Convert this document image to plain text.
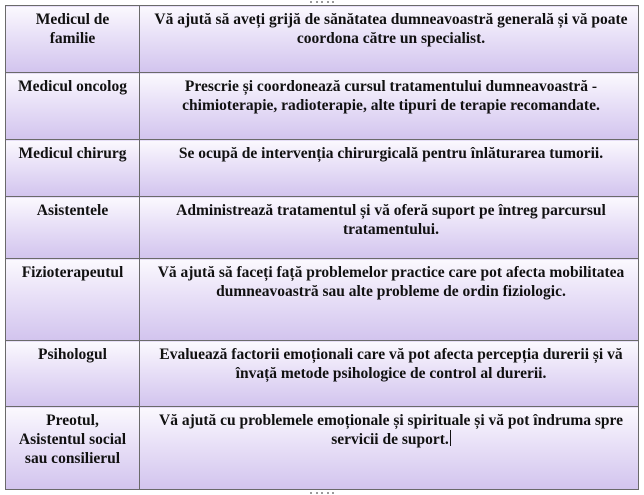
Medicul de familie	Vă ajută să aveți grijă de sănătatea dumneavoastră generală și vă poate coordona către un specialist.
Medicul oncolog	Prescrie și coordonează cursul tratamentului dumneavoastră - chimioterapie, radioterapie, alte tipuri de terapie recomandate.
Medicul chirurg	Se ocupă de intervenția chirurgicală pentru înlăturarea tumorii.
Asistentele	Administrează tratamentul și vă oferă suport pe întreg parcursul tratamentului.
Fizioterapeutul	Vă ajută să faceți față problemelor practice care pot afecta mobilitatea dumneavoastră sau alte probleme de ordin fiziologic.
Psihologul	Evaluează factorii emoționali care vă pot afecta percepția durerii și vă învață metode psihologice de control al durerii.
Preotul, Asistentul social sau consilierul	Vă ajută cu problemele emoționale și spirituale și vă pot îndruma spre servicii de suport.
